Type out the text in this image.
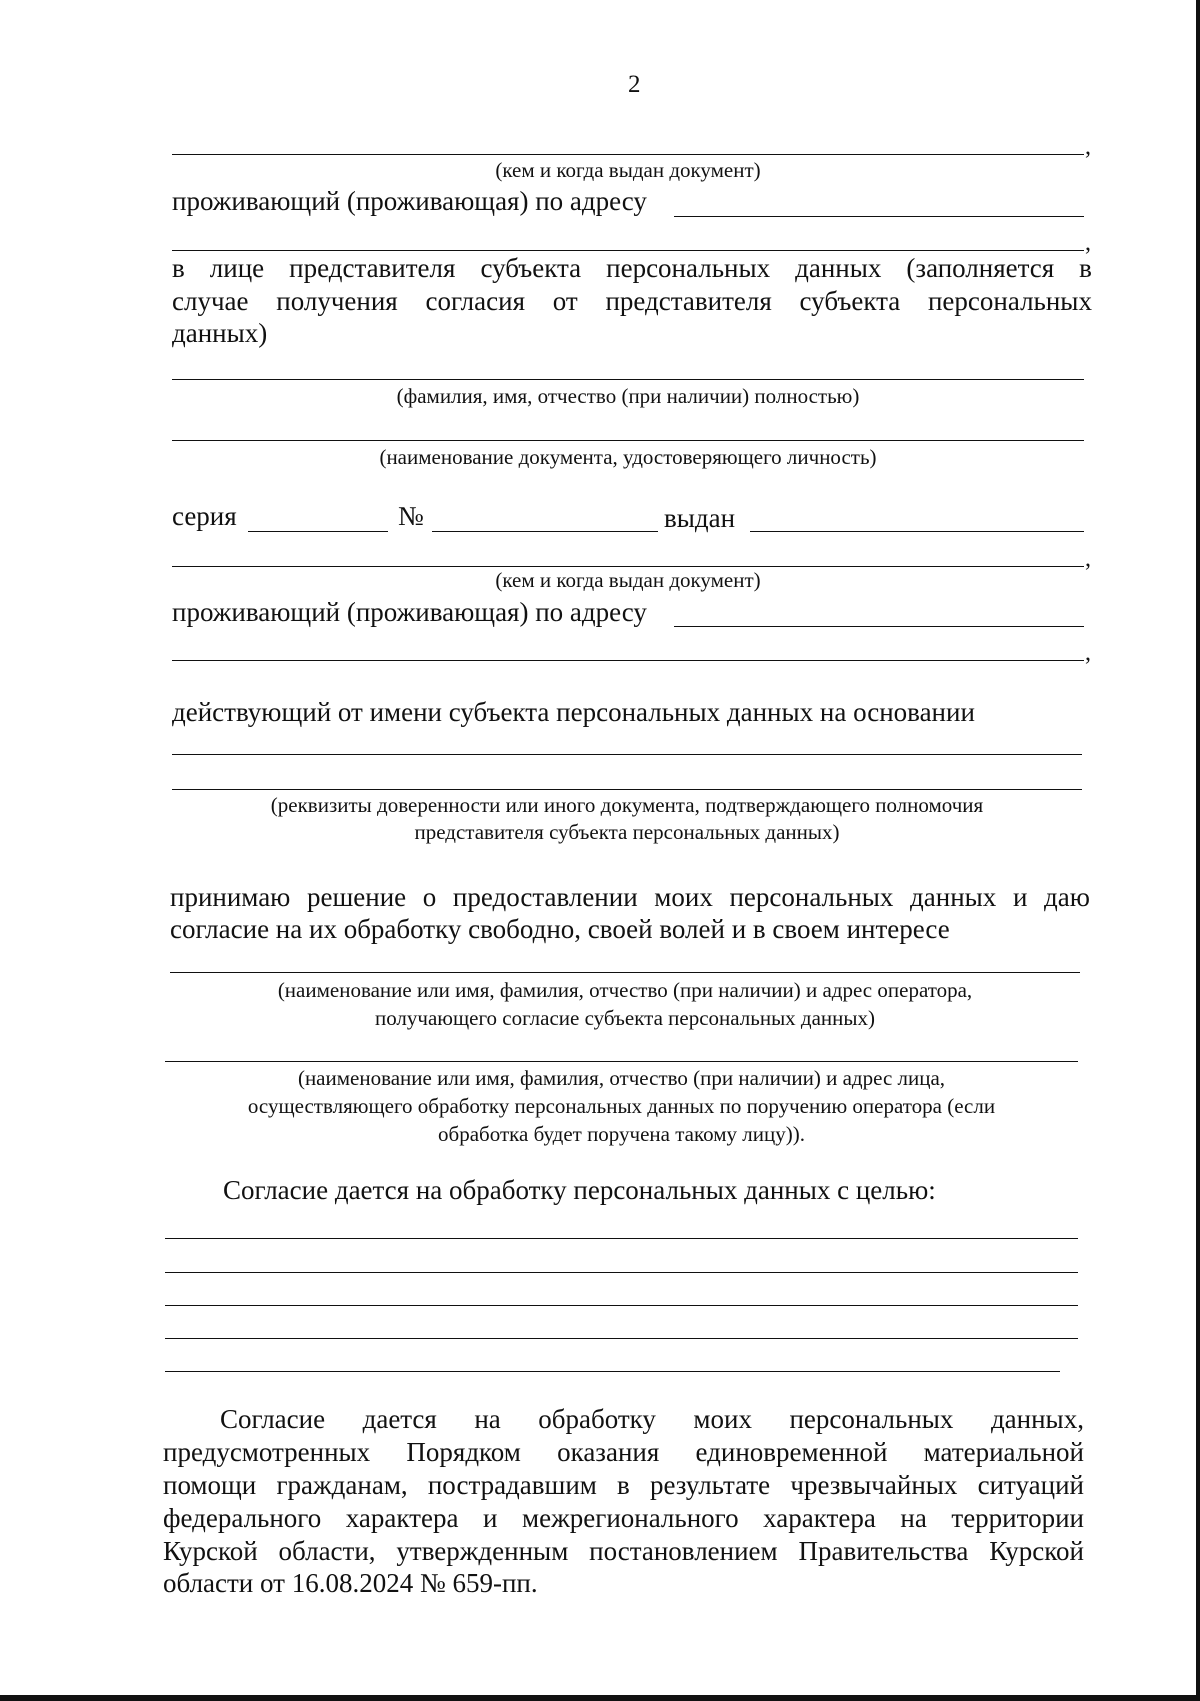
2
,
(кем и когда выдан документ)
проживающий (проживающая) по адресу
,
в лице представителя субъекта персональных данных (заполняется в
случае получения согласия от представителя субъекта персональных
данных)
(фамилия, имя, отчество (при наличии) полностью)
(наименование документа, удостоверяющего личность)
серия	№	выдан
,
(кем и когда выдан документ)
проживающий (проживающая) по адресу
,
действующий от имени субъекта персональных данных на основании
(реквизиты доверенности или иного документа, подтверждающего полномочия
представителя субъекта персональных данных)
принимаю решение о предоставлении моих персональных данных и даю
согласие на их обработку свободно, своей волей и в своем интересе
(наименование или имя, фамилия, отчество (при наличии) и адрес оператора,
получающего согласие субъекта персональных данных)
(наименование или имя, фамилия, отчество (при наличии) и адрес лица,
осуществляющего обработку персональных данных по поручению оператора (если
обработка будет поручена такому лицу)).
Согласие дается на обработку персональных данных с целью:
Согласие дается на обработку моих персональных данных,
предусмотренных Порядком оказания единовременной материальной
помощи гражданам, пострадавшим в результате чрезвычайных ситуаций
федерального характера и межрегионального характера на территории
Курской области, утвержденным постановлением Правительства Курской
области от 16.08.2024 № 659-пп.
